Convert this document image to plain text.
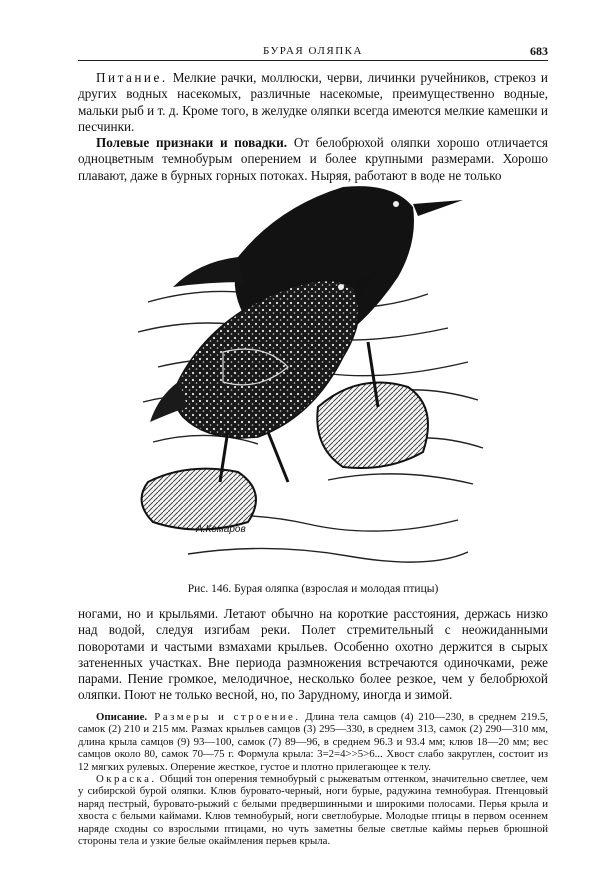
БУРАЯ ОЛЯПКА	683

Питание. Мелкие рачки, моллюски, черви, личинки ручейников, стрекоз и других водных насекомых, различные насекомые, преимущественно водные, мальки рыб и т. д. Кроме того, в желудке оляпки всегда имеются мелкие камешки и песчинки.

Полевые признаки и повадки. От белобрюхой оляпки хорошо отличается одноцветным темнобурым оперением и более крупными размерами. Хорошо плавают, даже в бурных горных потоках. Ныряя, работают в воде не только

А.Комаров
Рис. 146. Бурая оляпка (взрослая и молодая птицы)

ногами, но и крыльями. Летают обычно на короткие расстояния, держась низко над водой, следуя изгибам реки. Полет стремительный с неожиданными поворотами и частыми взмахами крыльев. Особенно охотно держится в сырых затененных участках. Вне периода размножения встречаются одиночками, реже парами. Пение громкое, мелодичное, несколько более резкое, чем у белобрюхой оляпки. Поют не только весной, но, по Зарудному, иногда и зимой.

Описание. Размеры и строение. Длина тела самцов (4) 210—230, в среднем 219.5, самок (2) 210 и 215 мм. Размах крыльев самцов (3) 295—330, в среднем 313, самок (2) 290—310 мм, длина крыла самцов (9) 93—100, самок (7) 89—96, в среднем 96.3 и 93.4 мм; клюв 18—20 мм; вес самцов около 80, самок 70—75 г. Формула крыла: 3=2=4>>5>6... Хвост слабо закруглен, состоит из 12 мягких рулевых. Оперение жесткое, густое и плотно прилегающее к телу.

Окраска. Общий тон оперения темнобурый с рыжеватым оттенком, значительно светлее, чем у сибирской бурой оляпки. Клюв буровато-черный, ноги бурые, радужина темнобурая. Птенцовый наряд пестрый, буровато-рыжий с белыми предвершинными и широкими полосами. Перья крыла и хвоста с белыми каймами. Клюв темнобурый, ноги светлобурые. Молодые птицы в первом осеннем наряде сходны со взрослыми птицами, но чуть заметны белые светлые каймы перьев брюшной стороны тела и узкие белые окаймления перьев крыла.
